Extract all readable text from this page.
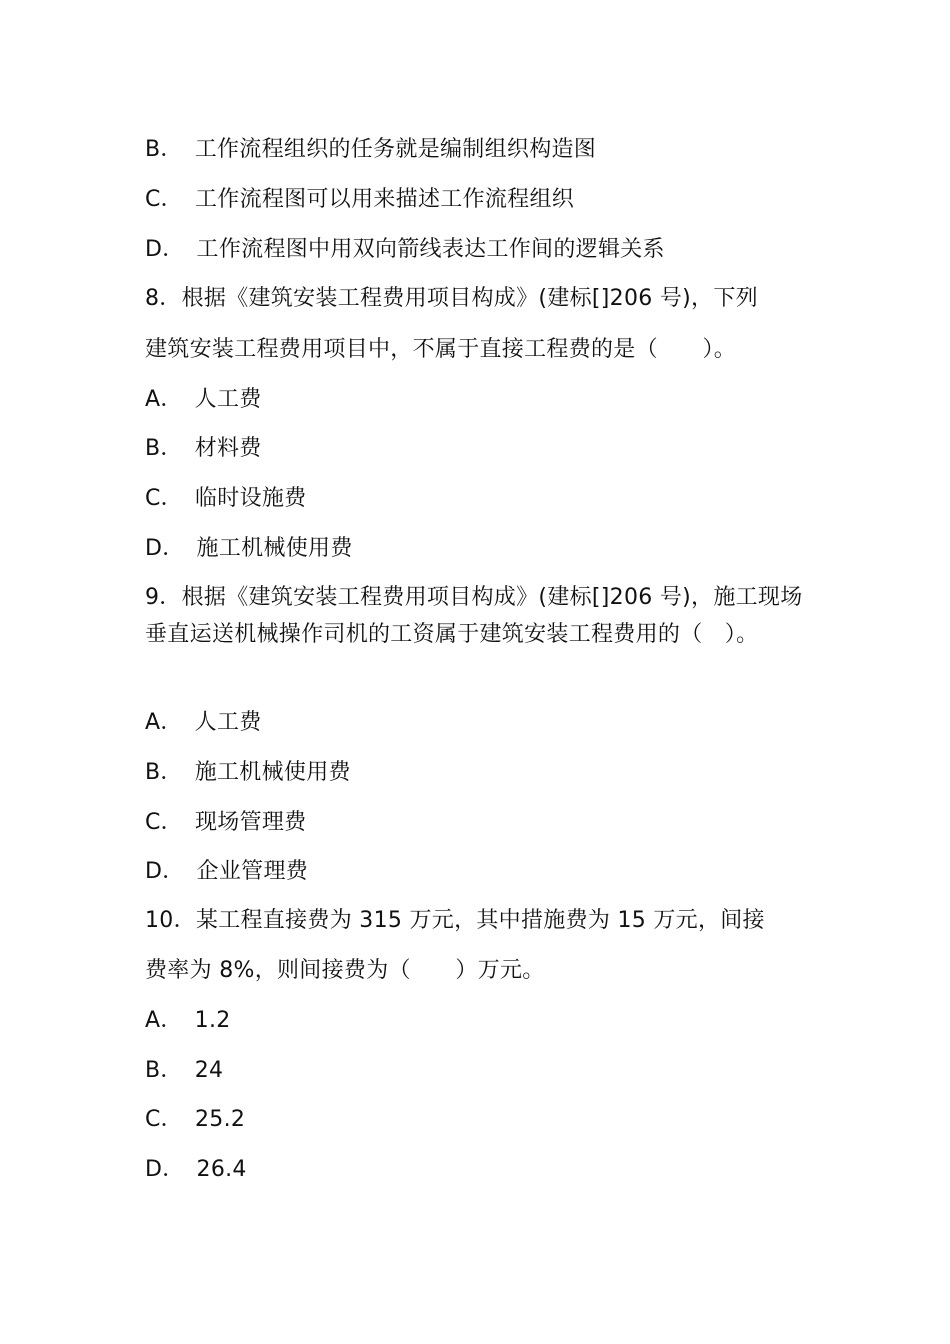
B． 工作流程组织的任务就是编制组织构造图
C． 工作流程图可以用来描述工作流程组织
D． 工作流程图中用双向箭线表达工作间的逻辑关系
8．根据《建筑安装工程费用项目构成》(建标[]206 号)，下列
建筑安装工程费用项目中，不属于直接工程费的是（　　）。
A． 人工费
B． 材料费
C． 临时设施费
D． 施工机械使用费
9．根据《建筑安装工程费用项目构成》(建标[]206 号)，施工现场垂直运送机械操作司机的工资属于建筑安装工程费用的（　）。
A． 人工费
B． 施工机械使用费
C． 现场管理费
D． 企业管理费
10．某工程直接费为 315 万元，其中措施费为 15 万元，间接
费率为 8%，则间接费为（　　）万元。
A． 1.2
B． 24
C． 25.2
D． 26.4
